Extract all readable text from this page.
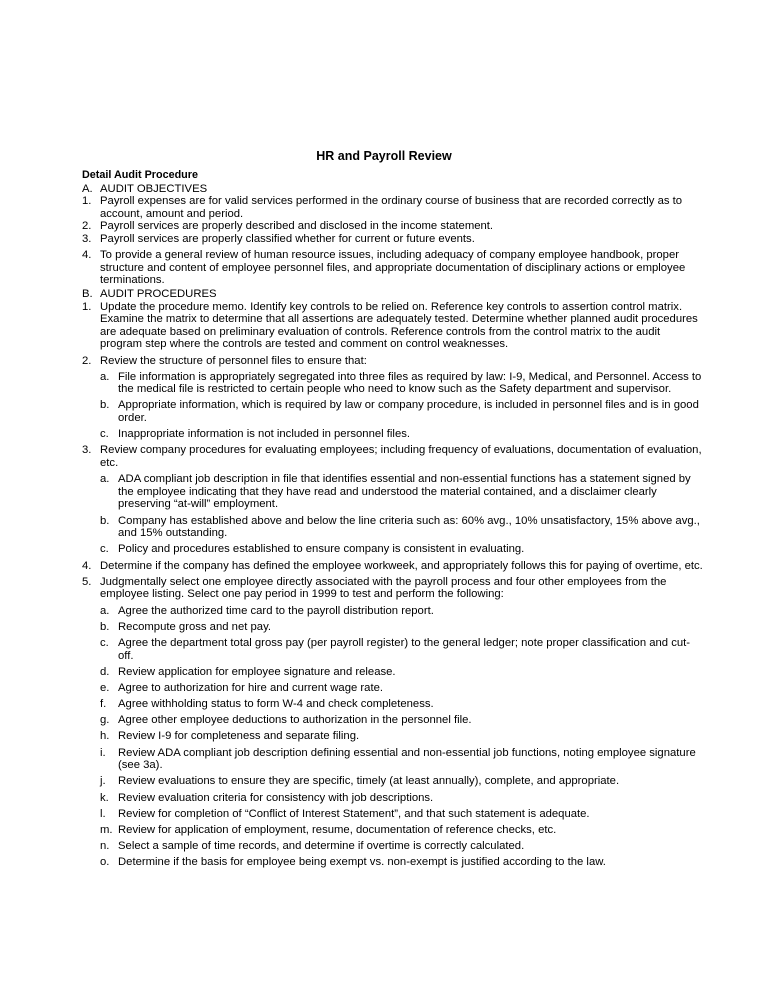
HR and Payroll Review
Detail Audit Procedure
A. AUDIT OBJECTIVES
1. Payroll expenses are for valid services performed in the ordinary course of business that are recorded correctly as to account, amount and period.
2. Payroll services are properly described and disclosed in the income statement.
3. Payroll services are properly classified whether for current or future events.
4. To provide a general review of human resource issues, including adequacy of company employee handbook, proper structure and content of employee personnel files, and appropriate documentation of disciplinary actions or employee terminations.
B. AUDIT PROCEDURES
1. Update the procedure memo. Identify key controls to be relied on. Reference key controls to assertion control matrix. Examine the matrix to determine that all assertions are adequately tested. Determine whether planned audit procedures are adequate based on preliminary evaluation of controls. Reference controls from the control matrix to the audit program step where the controls are tested and comment on control weaknesses.
2. Review the structure of personnel files to ensure that:
a. File information is appropriately segregated into three files as required by law: I-9, Medical, and Personnel. Access to the medical file is restricted to certain people who need to know such as the Safety department and supervisor.
b. Appropriate information, which is required by law or company procedure, is included in personnel files and is in good order.
c. Inappropriate information is not included in personnel files.
3. Review company procedures for evaluating employees; including frequency of evaluations, documentation of evaluation, etc.
a. ADA compliant job description in file that identifies essential and non-essential functions has a statement signed by the employee indicating that they have read and understood the material contained, and a disclaimer clearly preserving “at-will” employment.
b. Company has established above and below the line criteria such as: 60% avg., 10% unsatisfactory, 15% above avg., and 15% outstanding.
c. Policy and procedures established to ensure company is consistent in evaluating.
4. Determine if the company has defined the employee workweek, and appropriately follows this for paying of overtime, etc.
5. Judgmentally select one employee directly associated with the payroll process and four other employees from the employee listing. Select one pay period in 1999 to test and perform the following:
a. Agree the authorized time card to the payroll distribution report.
b. Recompute gross and net pay.
c. Agree the department total gross pay (per payroll register) to the general ledger; note proper classification and cut-off.
d. Review application for employee signature and release.
e. Agree to authorization for hire and current wage rate.
f.	Agree withholding status to form W-4 and check completeness.
g. Agree other employee deductions to authorization in the personnel file.
h. Review I-9 for completeness and separate filing.
i.	Review ADA compliant job description defining essential and non-essential job functions, noting employee signature (see 3a).
j.	Review evaluations to ensure they are specific, timely (at least annually), complete, and appropriate.
k. Review evaluation criteria for consistency with job descriptions.
l.	Review for completion of “Conflict of Interest Statement”, and that such statement is adequate.
m. Review for application of employment, resume, documentation of reference checks, etc.
n. Select a sample of time records, and determine if overtime is correctly calculated.
o. Determine if the basis for employee being exempt vs. non-exempt is justified according to the law.
